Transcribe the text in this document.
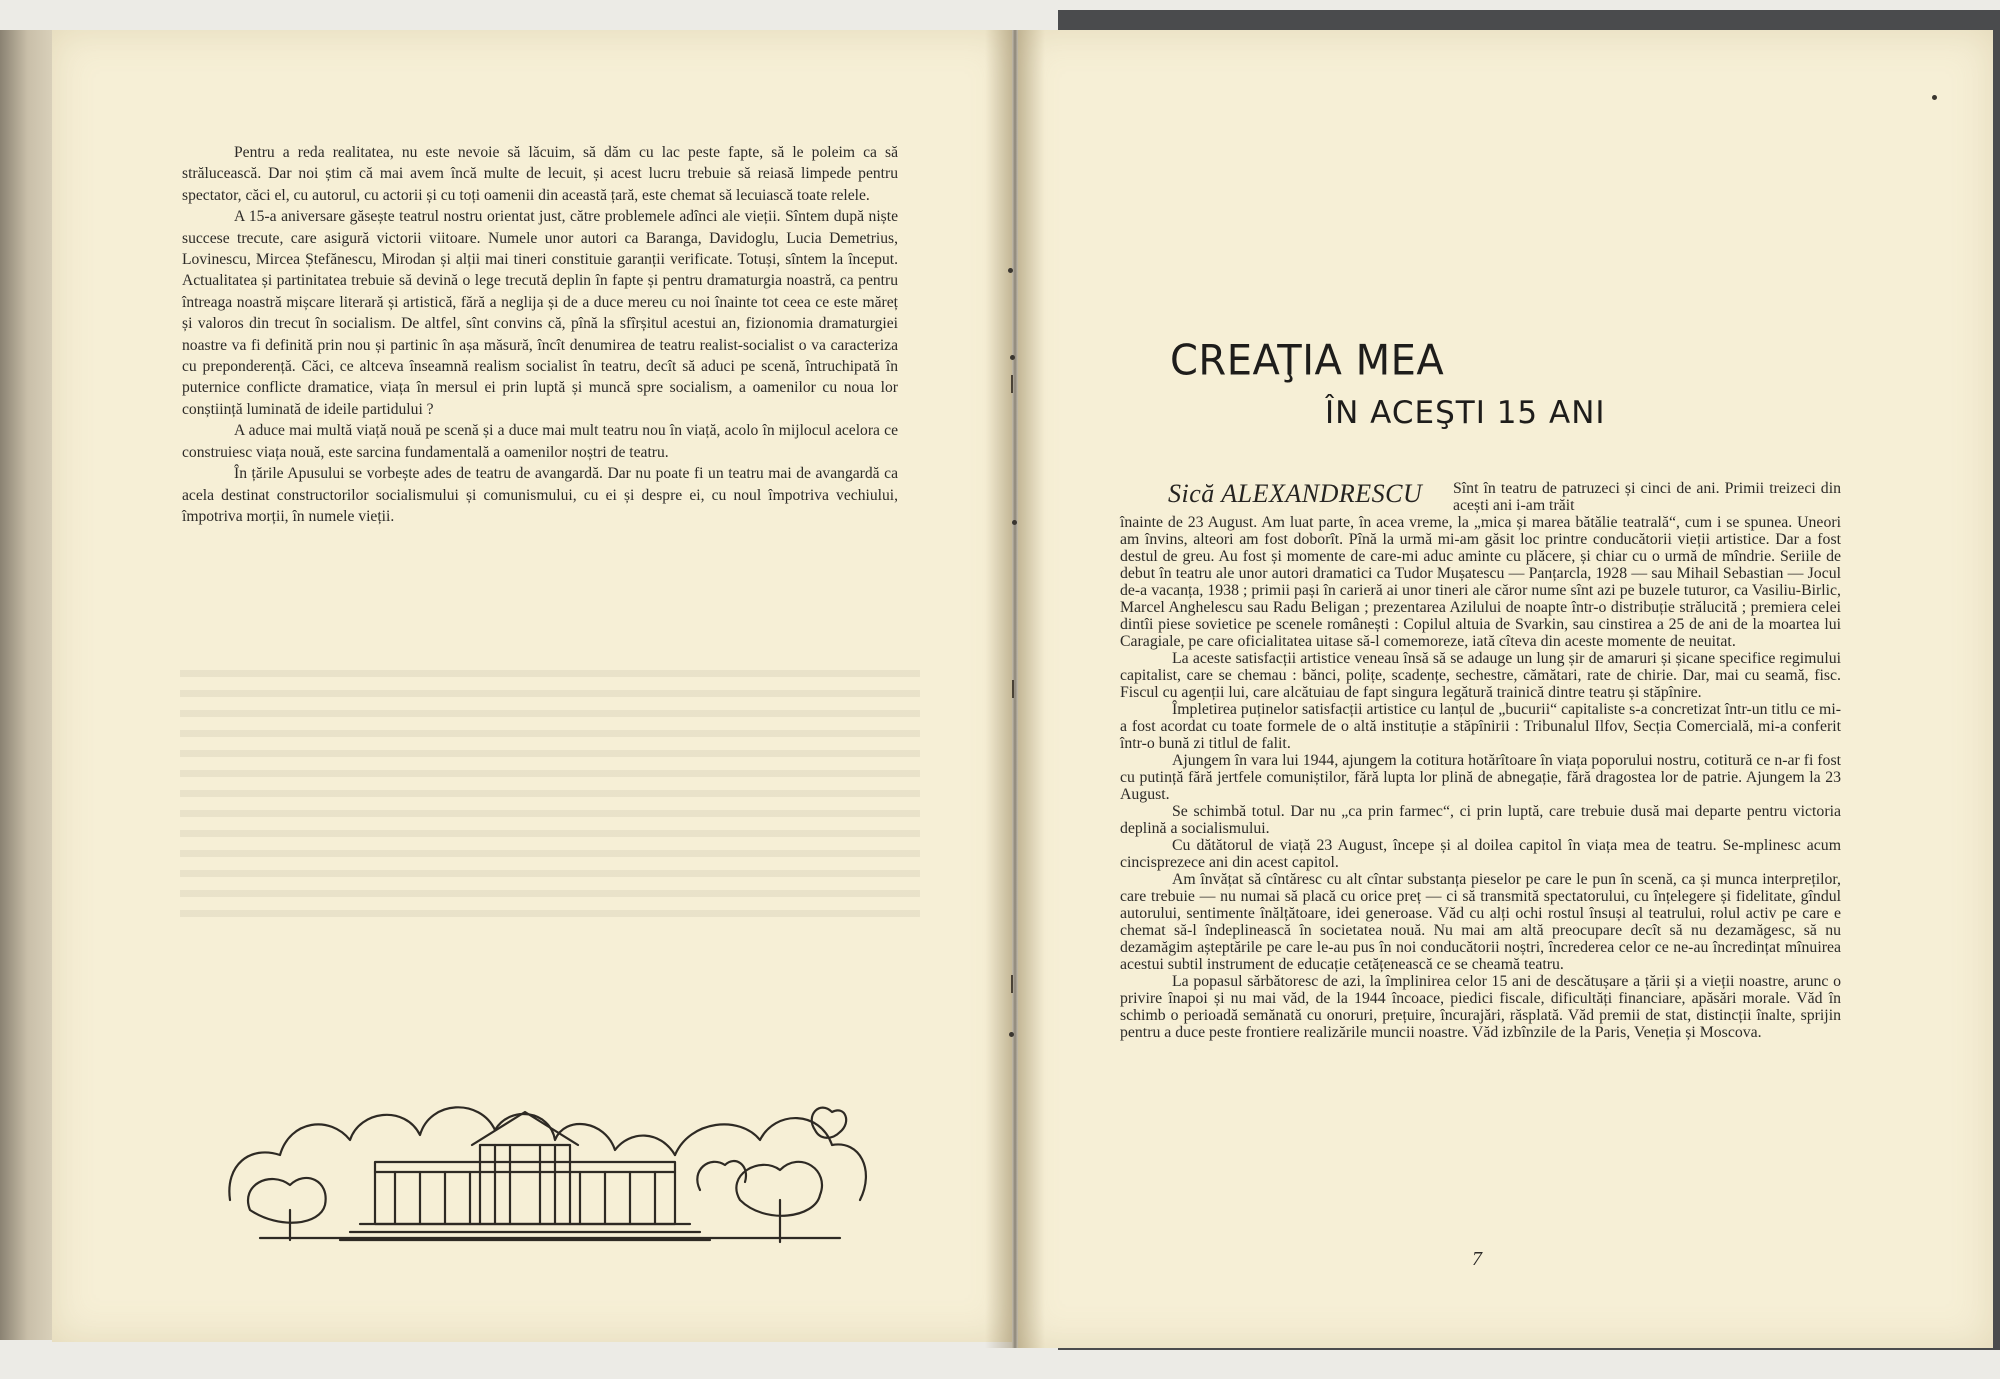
Pentru a reda realitatea, nu este nevoie să lăcuim, să dăm cu lac peste fapte, să le poleim ca să strălucească. Dar noi știm că mai avem încă multe de lecuit, și acest lucru trebuie să reiasă limpede pentru spectator, căci el, cu autorul, cu actorii și cu toți oamenii din această țară, este chemat să lecuiască toate relele.

A 15-a aniversare găsește teatrul nostru orientat just, către problemele adînci ale vieții. Sîntem după niște succese trecute, care asigură victorii viitoare. Numele unor autori ca Baranga, Davidoglu, Lucia Demetrius, Lovinescu, Mircea Ștefănescu, Mirodan și alții mai tineri constituie garanții verificate. Totuși, sîntem la început. Actualitatea și partinitatea trebuie să devină o lege trecută deplin în fapte și pentru dramaturgia noastră, ca pentru întreaga noastră mișcare literară și artistică, fără a neglija și de a duce mereu cu noi înainte tot ceea ce este măreț și valoros din trecut în socialism. De altfel, sînt convins că, pînă la sfîrșitul acestui an, fizionomia dramaturgiei noastre va fi definită prin nou și partinic în așa măsură, încît denumirea de teatru realist-socialist o va caracteriza cu preponderență. Căci, ce altceva înseamnă realism socialist în teatru, decît să aduci pe scenă, întruchipată în puternice conflicte dramatice, viața în mersul ei prin luptă și muncă spre socialism, a oamenilor cu noua lor conștiință luminată de ideile partidului ?

A aduce mai multă viață nouă pe scenă și a duce mai mult teatru nou în viață, acolo în mijlocul acelora ce construiesc viața nouă, este sarcina fundamentală a oamenilor noștri de teatru.

În țările Apusului se vorbește ades de teatru de avangardă. Dar nu poate fi un teatru mai de avangardă ca acela destinat constructorilor socialismului și comunismului, cu ei și despre ei, cu noul împotriva vechiului, împotriva morții, în numele vieții.

CREAŢIA MEA
ÎN ACEŞTI 15 ANI
Sică ALEXANDRESCU Sînt în teatru de patruzeci și cinci de ani. Primii treizeci din acești ani i-am trăit

înainte de 23 August. Am luat parte, în acea vreme, la „mica și marea bătălie teatrală“, cum i se spunea. Uneori am învins, alteori am fost doborît. Pînă la urmă mi-am găsit loc printre conducătorii vieții artistice. Dar a fost destul de greu. Au fost și momente de care-mi aduc aminte cu plăcere, și chiar cu o urmă de mîndrie. Seriile de debut în teatru ale unor autori dramatici ca Tudor Mușatescu — Panțarcla, 1928 — sau Mihail Sebastian — Jocul de-a vacanța, 1938 ; primii pași în carieră ai unor tineri ale căror nume sînt azi pe buzele tuturor, ca Vasiliu-Birlic, Marcel Anghelescu sau Radu Beligan ; prezentarea Azilului de noapte într-o distribuție strălucită ; premiera celei dintîi piese sovietice pe scenele românești : Copilul altuia de Svarkin, sau cinstirea a 25 de ani de la moartea lui Caragiale, pe care oficialitatea uitase să-l comemoreze, iată cîteva din aceste momente de neuitat.

La aceste satisfacții artistice veneau însă să se adauge un lung șir de amaruri și șicane specifice regimului capitalist, care se chemau : bănci, polițe, scadențe, sechestre, cămătari, rate de chirie. Dar, mai cu seamă, fisc. Fiscul cu agenții lui, care alcătuiau de fapt singura legătură trainică dintre teatru și stăpînire.

Împletirea puținelor satisfacții artistice cu lanțul de „bucurii“ capitaliste s-a concretizat într-un titlu ce mi-a fost acordat cu toate formele de o altă instituție a stăpînirii : Tribunalul Ilfov, Secția Comercială, mi-a conferit într-o bună zi titlul de falit.

Ajungem în vara lui 1944, ajungem la cotitura hotărîtoare în viața poporului nostru, cotitură ce n-ar fi fost cu putință fără jertfele comuniștilor, fără lupta lor plină de abnegație, fără dragostea lor de patrie. Ajungem la 23 August.

Se schimbă totul. Dar nu „ca prin farmec“, ci prin luptă, care trebuie dusă mai departe pentru victoria deplină a socialismului.

Cu dătătorul de viață 23 August, începe și al doilea capitol în viața mea de teatru. Se-mplinesc acum cincisprezece ani din acest capitol.

Am învățat să cîntăresc cu alt cîntar substanța pieselor pe care le pun în scenă, ca și munca interpreților, care trebuie — nu numai să placă cu orice preț — ci să transmită spectatorului, cu înțelegere și fidelitate, gîndul autorului, sentimente înălțătoare, idei generoase. Văd cu alți ochi rostul însuși al teatrului, rolul activ pe care e chemat să-l îndeplinească în societatea nouă. Nu mai am altă preocupare decît să nu dezamăgesc, să nu dezamăgim așteptările pe care le-au pus în noi conducătorii noștri, încrederea celor ce ne-au încredințat mînuirea acestui subtil instrument de educație cetățenească ce se cheamă teatru.

La popasul sărbătoresc de azi, la împlinirea celor 15 ani de descătușare a țării și a vieții noastre, arunc o privire înapoi și nu mai văd, de la 1944 încoace, piedici fiscale, dificultăți financiare, apăsări morale. Văd în schimb o perioadă semănată cu onoruri, prețuire, încurajări, răsplată. Văd premii de stat, distincții înalte, sprijin pentru a duce peste frontiere realizările muncii noastre. Văd izbînzile de la Paris, Veneția și Moscova.

7
